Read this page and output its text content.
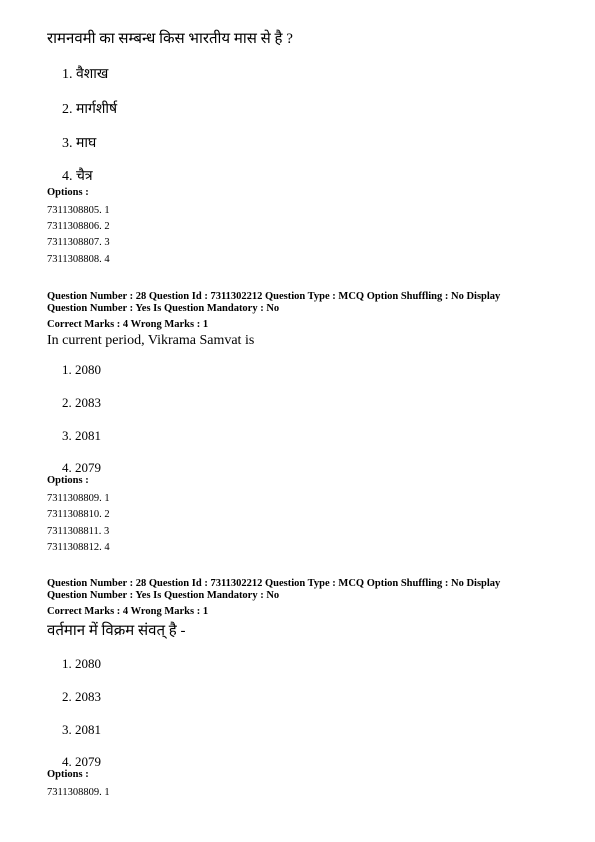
रामनवमी का सम्बन्ध किस भारतीय मास से है ?
1. वैशाख
2. मार्गशीर्ष
3. माघ
4. चैत्र
Options :
7311308805. 1
7311308806. 2
7311308807. 3
7311308808. 4
Question Number : 28 Question Id : 7311302212 Question Type : MCQ Option Shuffling : No Display
Question Number : Yes Is Question Mandatory : No
Correct Marks : 4 Wrong Marks : 1
In current period, Vikrama Samvat is
1. 2080
2. 2083
3. 2081
4. 2079
Options :
7311308809. 1
7311308810. 2
7311308811. 3
7311308812. 4
Question Number : 28 Question Id : 7311302212 Question Type : MCQ Option Shuffling : No Display
Question Number : Yes Is Question Mandatory : No
Correct Marks : 4 Wrong Marks : 1
वर्तमान में विक्रम संवत् है -
1. 2080
2. 2083
3. 2081
4. 2079
Options :
7311308809. 1
